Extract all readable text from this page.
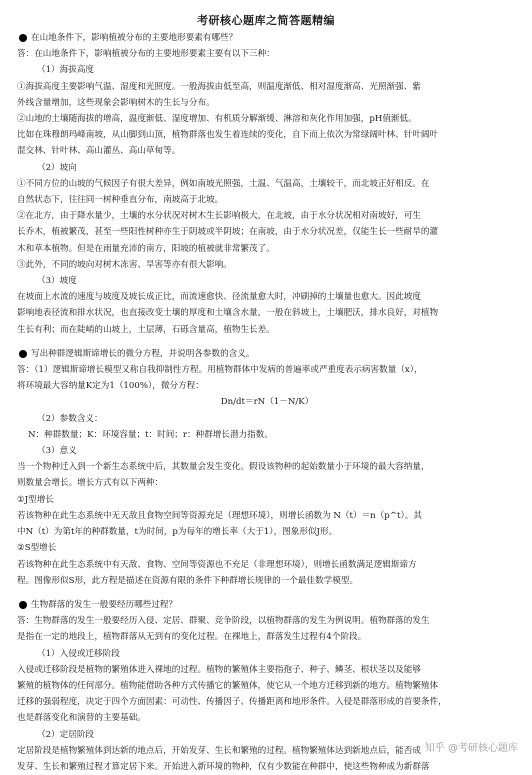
考研核心题库之简答题精编

在山地条件下，影响植被分布的主要地形要素有哪些？

答：在山地条件下，影响植被分布的主要地形要素主要有以下三种：

（1）海拔高度

①海拔高度主要影响气温、湿度和光照度。一般海拔由低至高，则温度渐低、相对湿度渐高、光照渐强、紫

外线含量增加，这些现象会影响树木的生长与分布。

②山地的土壤随海拔的增高，温度渐低、湿度增加、有机质分解渐缓、淋溶和灰化作用加强，pH值渐低。

比如在珠穆朗玛峰南坡，从山脚到山顶，植物群落也发生着连续的变化，自下而上依次为常绿阔叶林、针叶阔叶

混交林、针叶林、高山灌丛、高山草甸等。

（2）坡向

①不同方位的山坡的气候因子有很大差异，例如南坡光照强，土温、气温高，土壤较干，而北坡正好相反。在

自然状态下，往往同一树种垂直分布，南坡高于北坡。

②在北方，由于降水量少，土壤的水分状况对树木生长影响极大，在北坡，由于水分状况相对南坡好，可生

长乔木，植被繁茂，甚至一些阳性树种亦生于阴坡或半阴坡；在南坡，由于水分状况差，仅能生长一些耐旱的灌

木和草本植物。但是在雨量充沛的南方，阳坡的植被就非常繁茂了。

③此外，不同的坡向对树木冻害、旱害等亦有很大影响。

（3）坡度

在坡面上水流的速度与坡度及坡长成正比，而流速愈快、径流量愈大时，冲刷掉的土壤量也愈大。因此坡度

影响地表径流和排水状况，也直接改变土壤的厚度和土壤含水量，一般在斜坡上，土壤肥沃，排水良好，对植物

生长有利；而在陡峭的山坡上，土层薄，石砾含量高，植物生长差。

写出种群逻辑斯谛增长的微分方程，并说明各参数的含义。

答：（1）逻辑斯谛增长模型又称自我抑制性方程。用植物群体中发病的普遍率或严重度表示病害数量（x），

将环境最大容纳量K定为1（100%），微分方程：

Dn/dt＝rN（1－N/K）

（2）参数含义：

N：种群数量；K：环境容量；t：时间；r：种群增长潜力指数。

（3）意义

当一个物种迁入到一个新生态系统中后，其数量会发生变化。假设该物种的起始数量小于环境的最大容纳量，

则数量会增长。增长方式有以下两种：

①J型增长

若该物种在此生态系统中无天敌且食物空间等资源充足（理想环境），则增长函数为 N（t）＝n（p^t）。其

中N（t）为第t年的种群数量，t为时间，p为每年的增长率（大于1），图象形似J形。

②S型增长

若该物种在此生态系统中有天敌、食物、空间等资源也不充足（非理想环境），则增长函数满足逻辑斯谛方

程。图像形似S形，此方程是描述在资源有限的条件下种群增长规律的一个最佳数学模型。

生物群落的发生一般要经历哪些过程？

答：生物群落的发生一般要经历入侵、定居、群聚、竞争阶段，以植物群落的发生为例说明。植物群落的发生

是指在一定的地段上，植物群落从无到有的变化过程。在裸地上，群落发生过程有4个阶段。

（1）入侵或迁移阶段

入侵或迁移阶段是植物的繁殖体进入裸地的过程。植物的繁殖体主要指孢子、种子、鳞茎、根状茎以及能够

繁殖的植物体的任何部分。植物能借助各种方式传播它的繁殖体，使它从一个地方迁移到新的地方。植物繁殖体

迁移的强弱程度，决定于四个方面因素：可动性、传播因子、传播距离和地形条件。入侵是群落形成的首要条件，

也是群落变化和演替的主要基础。

（2）定居阶段

定居阶段是植物繁殖体到达新的地点后，开始发芽、生长和繁殖的过程。植物繁殖体达到新地点后，能否成

发芽、生长和繁殖过程才算定居下来。开始进入新环境的物种，仅有少数能在种群中，使这些物种成为新群落

知乎 @考研核心题库
